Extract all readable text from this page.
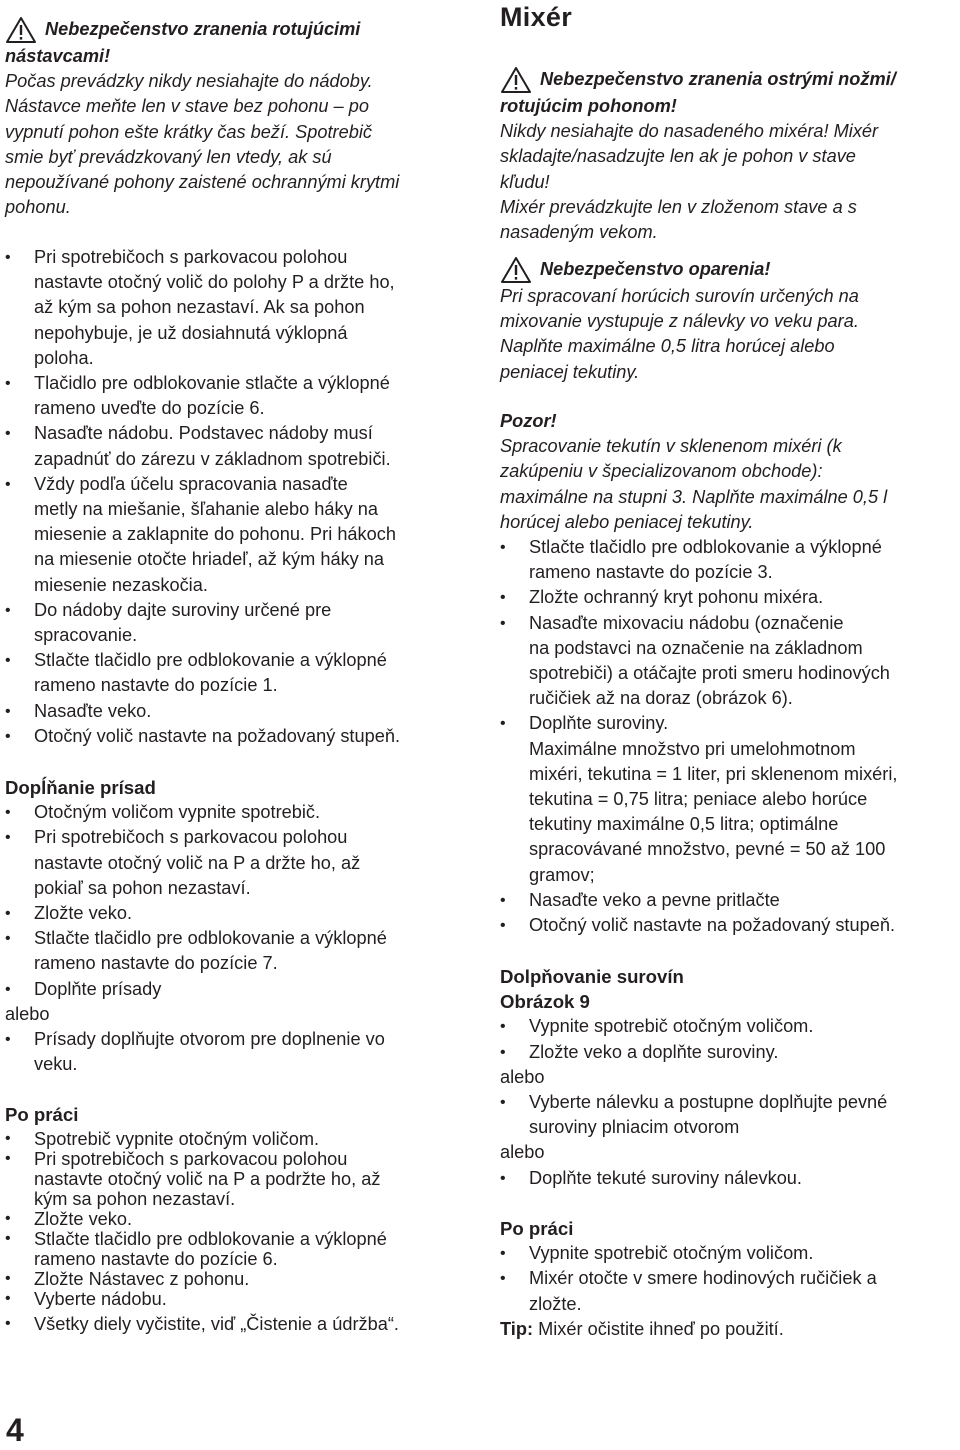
Nebezpečenstvo zranenia rotujúcimi
nástavcami!
Počas prevádzky nikdy nesiahajte do nádoby.
Nástavce meňte len v stave bez pohonu – po
vypnutí pohon ešte krátky čas beží. Spotrebič
smie byť prevádzkovaný len vtedy, ak sú
nepoužívané pohony zaistené ochrannými krytmi
pohonu.
• Pri spotrebičoch s parkovacou polohou
nastavte otočný volič do polohy P a držte ho,
až kým sa pohon nezastaví. Ak sa pohon
nepohybuje, je už dosiahnutá výklopná
poloha.
• Tlačidlo pre odblokovanie stlačte a výklopné
rameno uveďte do pozície 6.
• Nasaďte nádobu. Podstavec nádoby musí
zapadnúť do zárezu v základnom spotrebiči.
• Vždy podľa účelu spracovania nasaďte
metly na miešanie, šľahanie alebo háky na
miesenie a zaklapnite do pohonu. Pri hákoch
na miesenie otočte hriadeľ, až kým háky na
miesenie nezaskočia.
• Do nádoby dajte suroviny určené pre
spracovanie.
• Stlačte tlačidlo pre odblokovanie a výklopné
rameno nastavte do pozície 1.
• Nasaďte veko.
• Otočný volič nastavte na požadovaný stupeň.
Dopĺňanie prísad
• Otočným voličom vypnite spotrebič.
• Pri spotrebičoch s parkovacou polohou
nastavte otočný volič na P a držte ho, až
pokiaľ sa pohon nezastaví.
• Zložte veko.
• Stlačte tlačidlo pre odblokovanie a výklopné
rameno nastavte do pozície 7.
• Doplňte prísady
alebo
• Prísady doplňujte otvorom pre doplnenie vo
veku.
Po práci
• Spotrebič vypnite otočným voličom.
• Pri spotrebičoch s parkovacou polohou
nastavte otočný volič na P a podržte ho, až
kým sa pohon nezastaví.
• Zložte veko.
• Stlačte tlačidlo pre odblokovanie a výklopné
rameno nastavte do pozície 6.
• Zložte Nástavec z pohonu.
• Vyberte nádobu.
• Všetky diely vyčistite, viď „Čistenie a údržba“.
Mixér
Nebezpečenstvo zranenia ostrými nožmi/
rotujúcim pohonom!
Nikdy nesiahajte do nasadeného mixéra! Mixér
skladajte/nasadzujte len ak je pohon v stave
kľudu!
Mixér prevádzkujte len v zloženom stave a s
nasadeným vekom.
Nebezpečenstvo oparenia!
Pri spracovaní horúcich surovín určených na
mixovanie vystupuje z nálevky vo veku para.
Naplňte maximálne 0,5 litra horúcej alebo
peniacej tekutiny.
Pozor!
Spracovanie tekutín v sklenenom mixéri (k
zakúpeniu v špecializovanom obchode):
maximálne na stupni 3. Naplňte maximálne 0,5 l
horúcej alebo peniacej tekutiny.
• Stlačte tlačidlo pre odblokovanie a výklopné
rameno nastavte do pozície 3.
• Zložte ochranný kryt pohonu mixéra.
• Nasaďte mixovaciu nádobu (označenie
na podstavci na označenie na základnom
spotrebiči) a otáčajte proti smeru hodinových
ručičiek až na doraz (obrázok 6).
• Doplňte suroviny.
Maximálne množstvo pri umelohmotnom
mixéri, tekutina = 1 liter, pri sklenenom mixéri,
tekutina = 0,75 litra; peniace alebo horúce
tekutiny maximálne 0,5 litra; optimálne
spracovávané množstvo, pevné = 50 až 100
gramov;
• Nasaďte veko a pevne pritlačte
• Otočný volič nastavte na požadovaný stupeň.
Dolpňovanie surovín
Obrázok 9
• Vypnite spotrebič otočným voličom.
• Zložte veko a doplňte suroviny.
alebo
• Vyberte nálevku a postupne doplňujte pevné
suroviny plniacim otvorom
alebo
• Doplňte tekuté suroviny nálevkou.
Po práci
• Vypnite spotrebič otočným voličom.
• Mixér otočte v smere hodinových ručičiek a
zložte.
Tip: Mixér očistite ihneď po použití.
4
